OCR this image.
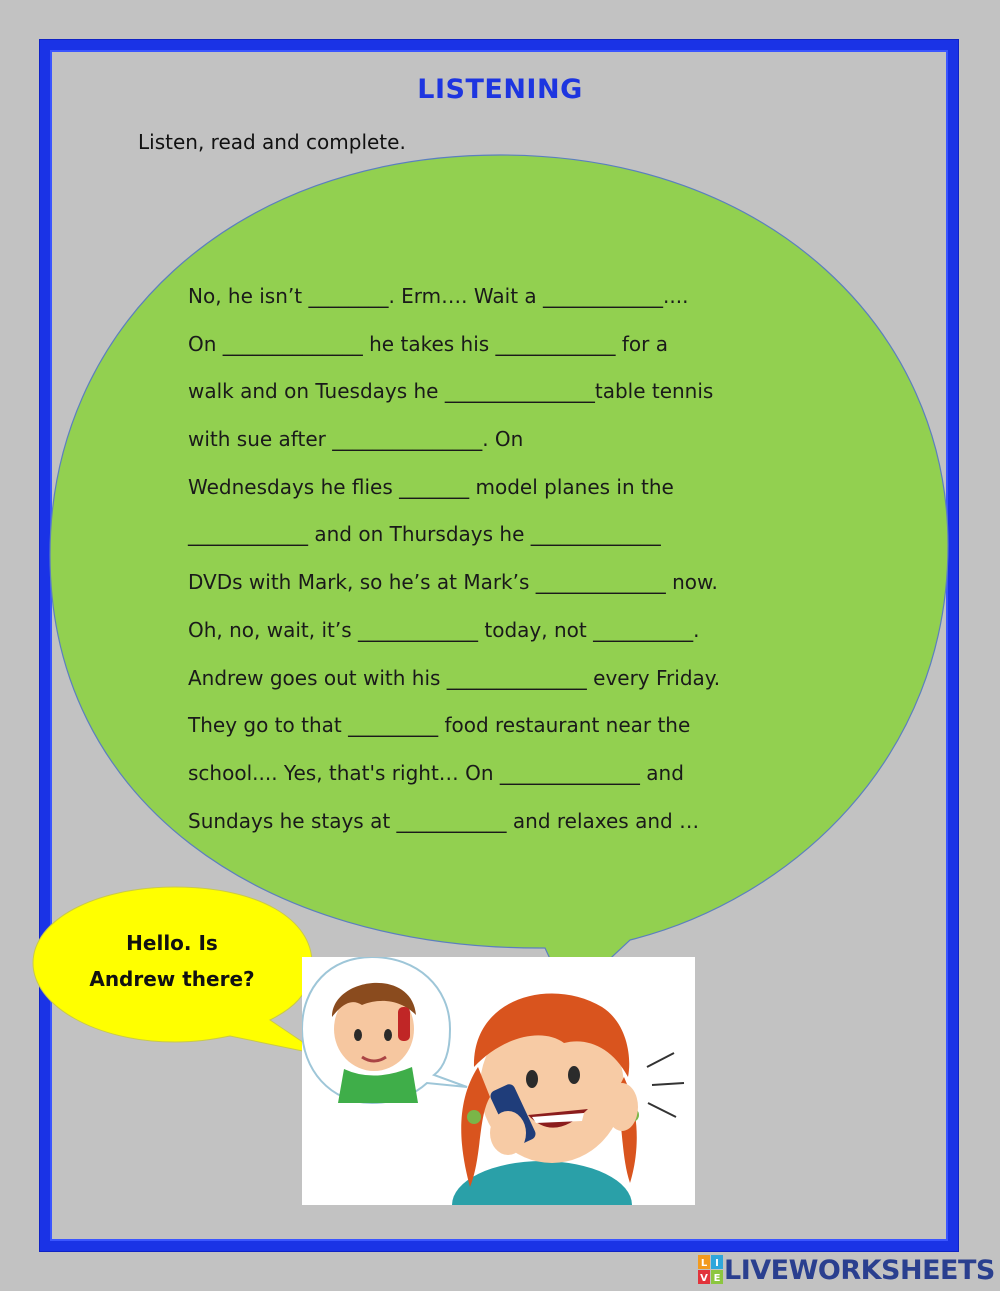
LISTENING
Listen, read and complete.
No, he isn’t ________. Erm…. Wait a ____________....
On ______________ he takes his ____________ for a
walk and on Tuesdays he _______________table tennis
with sue after _______________. On
Wednesdays he flies _______ model planes in the
____________ and on Thursdays he _____________
DVDs with Mark, so he’s at Mark’s _____________ now.
Oh, no, wait, it’s ____________ today, not __________.
Andrew goes out with his ______________ every Friday.
They go to that _________ food restaurant near the
school.... Yes, that's right… On ______________ and
Sundays he stays at ___________ and relaxes and …
Hello. Is
Andrew there?
L I
V E LIVEWORKSHEETS
